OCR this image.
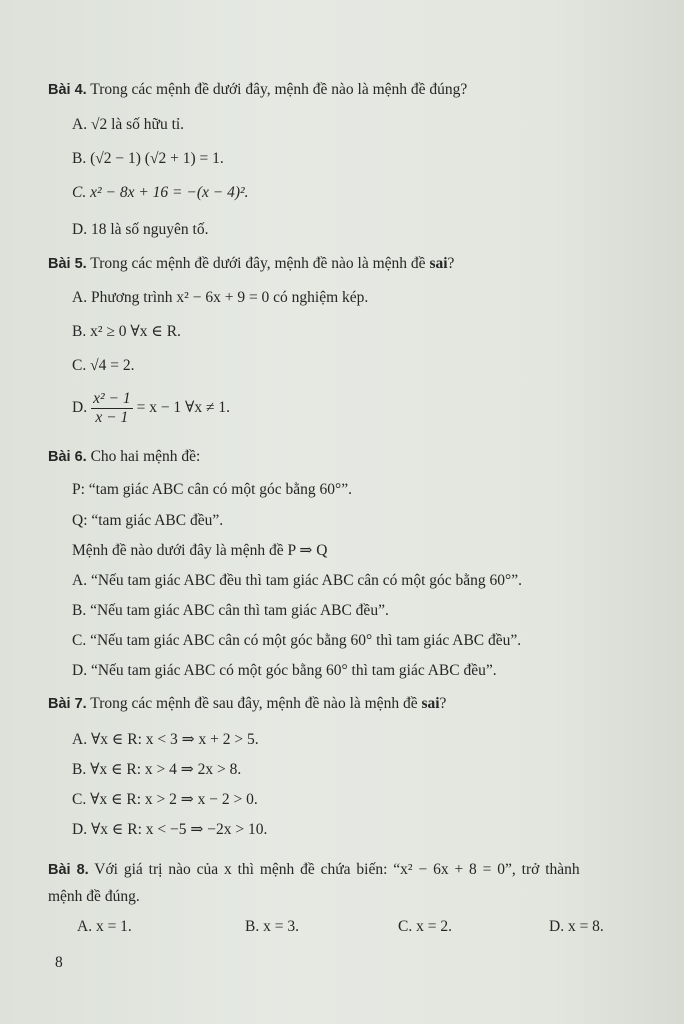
Bài 4. Trong các mệnh đề dưới đây, mệnh đề nào là mệnh đề đúng?
A. √2 là số hữu tỉ.
B. (√2 − 1) (√2 + 1) = 1.
C. x² − 8x + 16 = −(x − 4)².
D. 18 là số nguyên tố.
Bài 5. Trong các mệnh đề dưới đây, mệnh đề nào là mệnh đề sai?
A. Phương trình x² − 6x + 9 = 0 có nghiệm kép.
B. x² ≥ 0 ∀x ∈ R.
C. √4 = 2.
D. $\frac{\text{x² − 1}}{x - 1} = x - 1$ ∀x ≠ 1.
Bài 6. Cho hai mệnh đề:
P: “tam giác ABC cân có một góc bằng 60°”.
Q: “tam giác ABC đều”.
Mệnh đề nào dưới đây là mệnh đề P ⇒ Q
A. “Nếu tam giác ABC đều thì tam giác ABC cân có một góc bằng 60°”.
B. “Nếu tam giác ABC cân thì tam giác ABC đều”.
C. “Nếu tam giác ABC cân có một góc bằng 60° thì tam giác ABC đều”.
D. “Nếu tam giác ABC có một góc bằng 60° thì tam giác ABC đều”.
Bài 7. Trong các mệnh đề sau đây, mệnh đề nào là mệnh đề sai?
A. ∀x ∈ R: x < 3 ⇒ x + 2 > 5.
B. ∀x ∈ R: x > 4 ⇒ 2x > 8.
C. ∀x ∈ R: x > 2 ⇒ x − 2 > 0.
D. ∀x ∈ R: x < −5 ⇒ −2x > 10.
Bài 8. Với giá trị nào của x thì mệnh đề chứa biến: “x² − 6x + 8 = 0”, trở thành
mệnh đề đúng.
A. x = 1.	B. x = 3.	C. x = 2.	D. x = 8.
8
